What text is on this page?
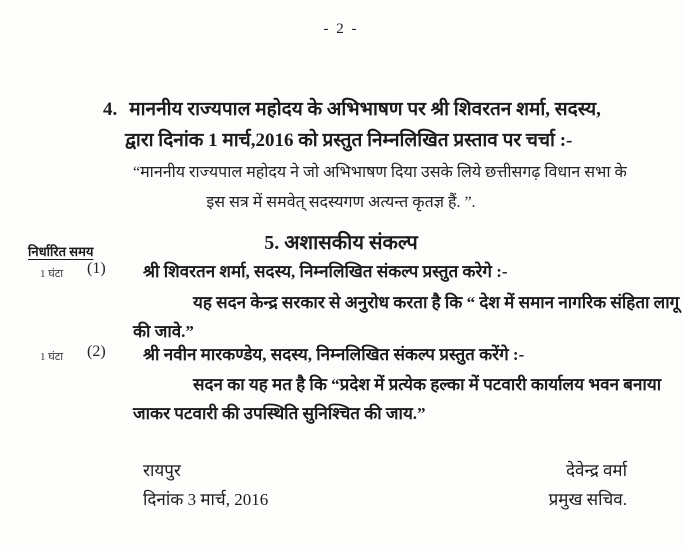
- 2 -
4. माननीय राज्यपाल महोदय के अभिभाषण पर श्री शिवरतन शर्मा, सदस्य,
द्वारा दिनांक 1 मार्च,2016 को प्रस्तुत निम्नलिखित प्रस्ताव पर चर्चा :-
“माननीय राज्यपाल महोदय ने जो अभिभाषण दिया उसके लिये छत्तीसगढ़ विधान सभा के
इस सत्र में समवेत् सदस्यगण अत्यन्त कृतज्ञ हैं. ”.
5. अशासकीय संकल्प
निर्धारित समय
1 घंटा (1) श्री शिवरतन शर्मा, सदस्य, निम्नलिखित संकल्प प्रस्तुत करेगे :-
यह सदन केन्द्र सरकार से अनुरोध करता है कि “ देश में समान नागरिक संहिता लागू
की जावे.”
1 घंटा (2) श्री नवीन मारकण्डेय, सदस्य, निम्नलिखित संकल्प प्रस्तुत करेंगे :-
सदन का यह मत है कि “प्रदेश में प्रत्येक हल्का में पटवारी कार्यालय भवन बनाया
जाकर पटवारी की उपस्थिति सुनिश्चित की जाय.”
रायपुर
दिनांक 3 मार्च, 2016
देवेन्द्र वर्मा
प्रमुख सचिव.
